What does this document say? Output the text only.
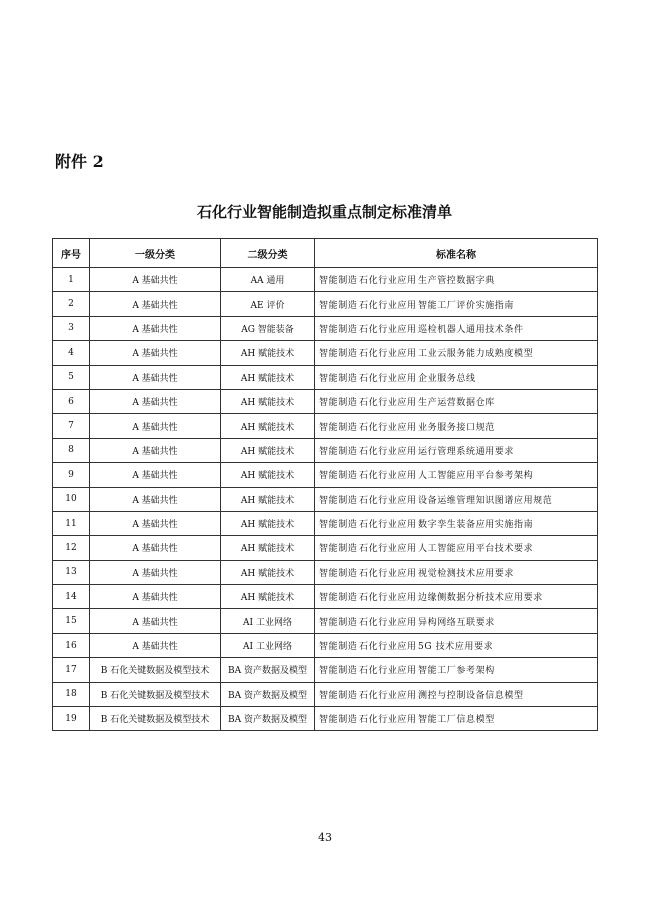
附件 2
石化行业智能制造拟重点制定标准清单
序号	一级分类	二级分类	标准名称
1	A 基础共性	AA 通用	智能制造 石化行业应用生产管控数据字典
2	A 基础共性	AE 评价	智能制造 石化行业应用智能工厂评价实施指南
3	A 基础共性	AG 智能装备	智能制造 石化行业应用巡检机器人通用技术条件
4	A 基础共性	AH 赋能技术	智能制造 石化行业应用工业云服务能力成熟度模型
5	A 基础共性	AH 赋能技术	智能制造 石化行业应用企业服务总线
6	A 基础共性	AH 赋能技术	智能制造 石化行业应用生产运营数据仓库
7	A 基础共性	AH 赋能技术	智能制造 石化行业应用业务服务接口规范
8	A 基础共性	AH 赋能技术	智能制造 石化行业应用运行管理系统通用要求
9	A 基础共性	AH 赋能技术	智能制造 石化行业应用人工智能应用平台参考架构
10	A 基础共性	AH 赋能技术	智能制造 石化行业应用设备运维管理知识图谱应用规范
11	A 基础共性	AH 赋能技术	智能制造 石化行业应用数字孪生装备应用实施指南
12	A 基础共性	AH 赋能技术	智能制造 石化行业应用人工智能应用平台技术要求
13	A 基础共性	AH 赋能技术	智能制造 石化行业应用视觉检测技术应用要求
14	A 基础共性	AH 赋能技术	智能制造 石化行业应用边缘侧数据分析技术应用要求
15	A 基础共性	AI 工业网络	智能制造 石化行业应用异构网络互联要求
16	A 基础共性	AI 工业网络	智能制造 石化行业应用5G 技术应用要求
17	B 石化关键数据及模型技术	BA 资产数据及模型	智能制造 石化行业应用智能工厂参考架构
18	B 石化关键数据及模型技术	BA 资产数据及模型	智能制造 石化行业应用测控与控制设备信息模型
19	B 石化关键数据及模型技术	BA 资产数据及模型	智能制造 石化行业应用智能工厂信息模型
43
